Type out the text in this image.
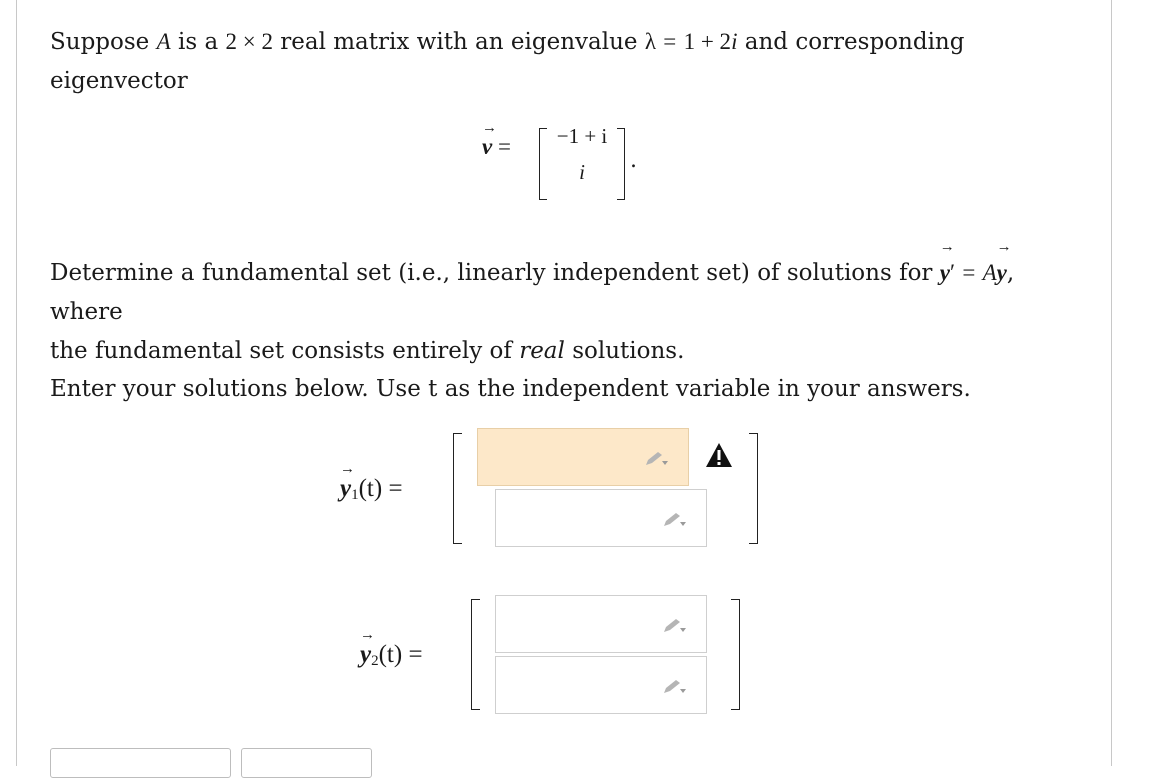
Suppose A is a 2 × 2 real matrix with an eigenvalue λ = 1 + 2i and corresponding
eigenvector

→
v =	−1 + i
i	.

Determine a fundamental set (i.e., linearly independent set) of solutions for
→
y′ = A
→
y, where
the fundamental set consists entirely of real solutions.

Enter your solutions below. Use t as the independent variable in your answers.

→
$y_1(t)$ =
→
$y_2(t)$ =
